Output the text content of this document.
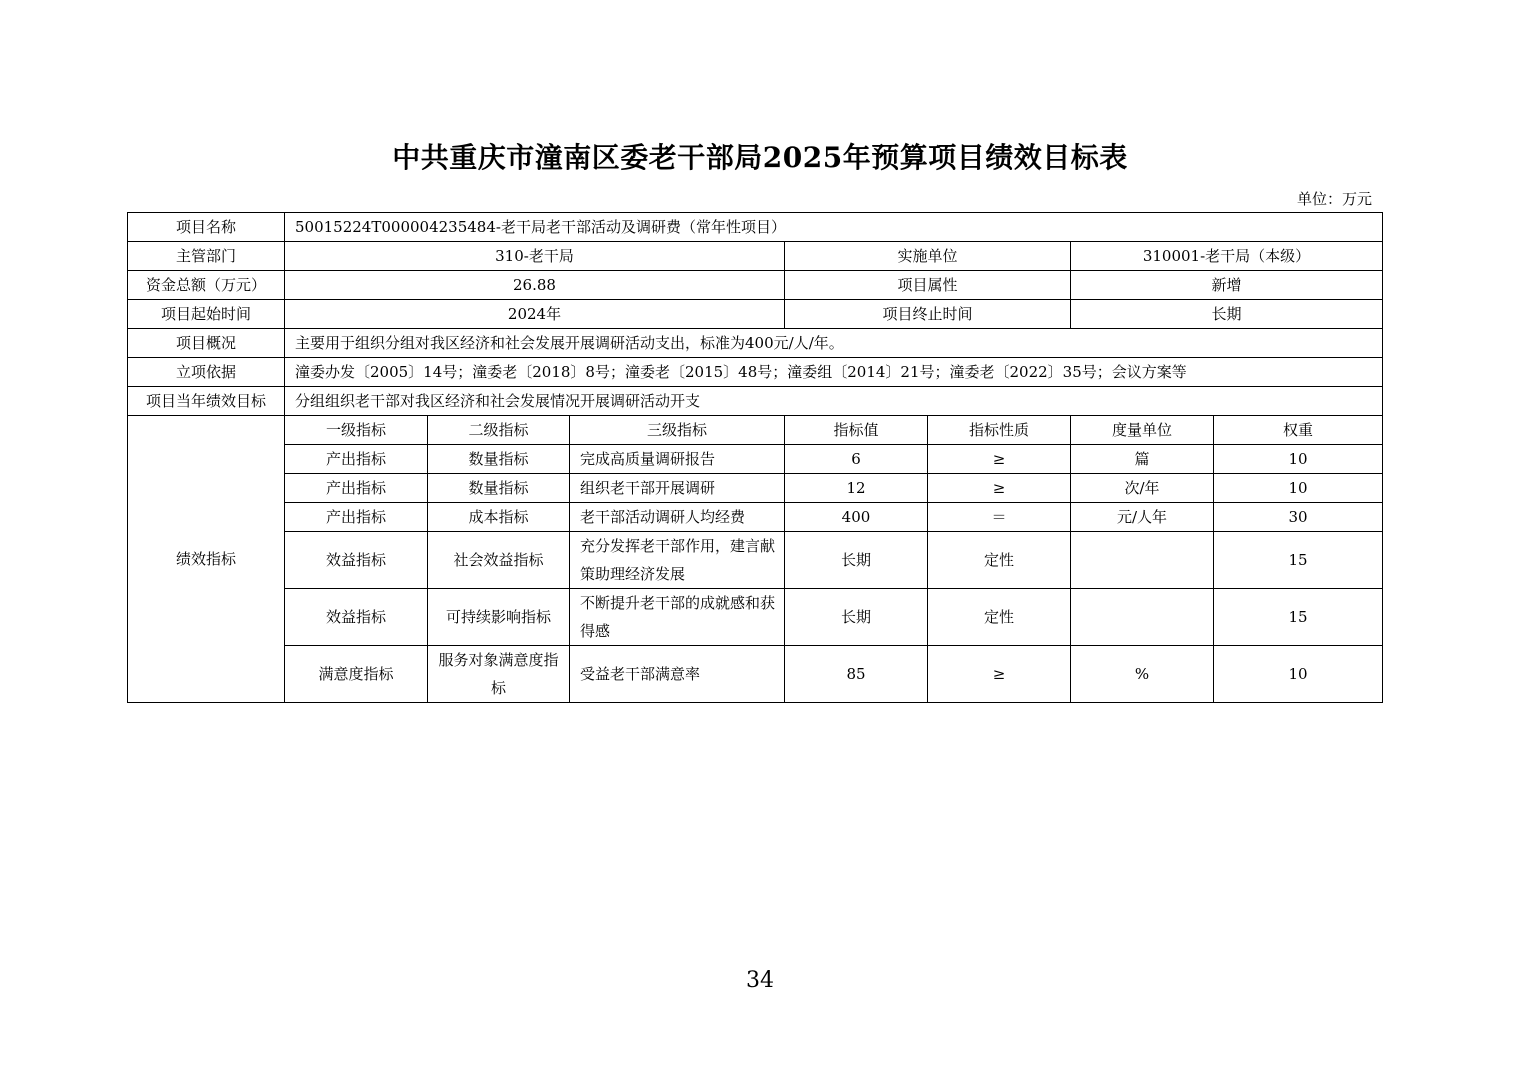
中共重庆市潼南区委老干部局2025年预算项目绩效目标表
单位：万元
项目名称	50015224T000004235484-老干局老干部活动及调研费（常年性项目）						
主管部门	310-老干局			实施单位		310001-老干局（本级）	
资金总额（万元）	26.88			项目属性		新增	
项目起始时间	2024年			项目终止时间		长期	
项目概况	主要用于组织分组对我区经济和社会发展开展调研活动支出，标准为400元/人/年。						
立项依据	潼委办发〔2005〕14号；潼委老〔2018〕8号；潼委老〔2015〕48号；潼委组〔2014〕21号；潼委老〔2022〕35号；会议方案等						
项目当年绩效目标	分组组织老干部对我区经济和社会发展情况开展调研活动开支						
绩效指标	一级指标	二级指标	三级指标	指标值	指标性质	度量单位	权重
	产出指标	数量指标	完成高质量调研报告	6	≥	篇	10
	产出指标	数量指标	组织老干部开展调研	12	≥	次/年	10
	产出指标	成本指标	老干部活动调研人均经费	400	＝	元/人年	30
	效益指标	社会效益指标	充分发挥老干部作用，建言献策助理经济发展	长期	定性		15
	效益指标	可持续影响指标	不断提升老干部的成就感和获得感	长期	定性		15
	满意度指标	服务对象满意度指标	受益老干部满意率	85	≥	%	10
34
